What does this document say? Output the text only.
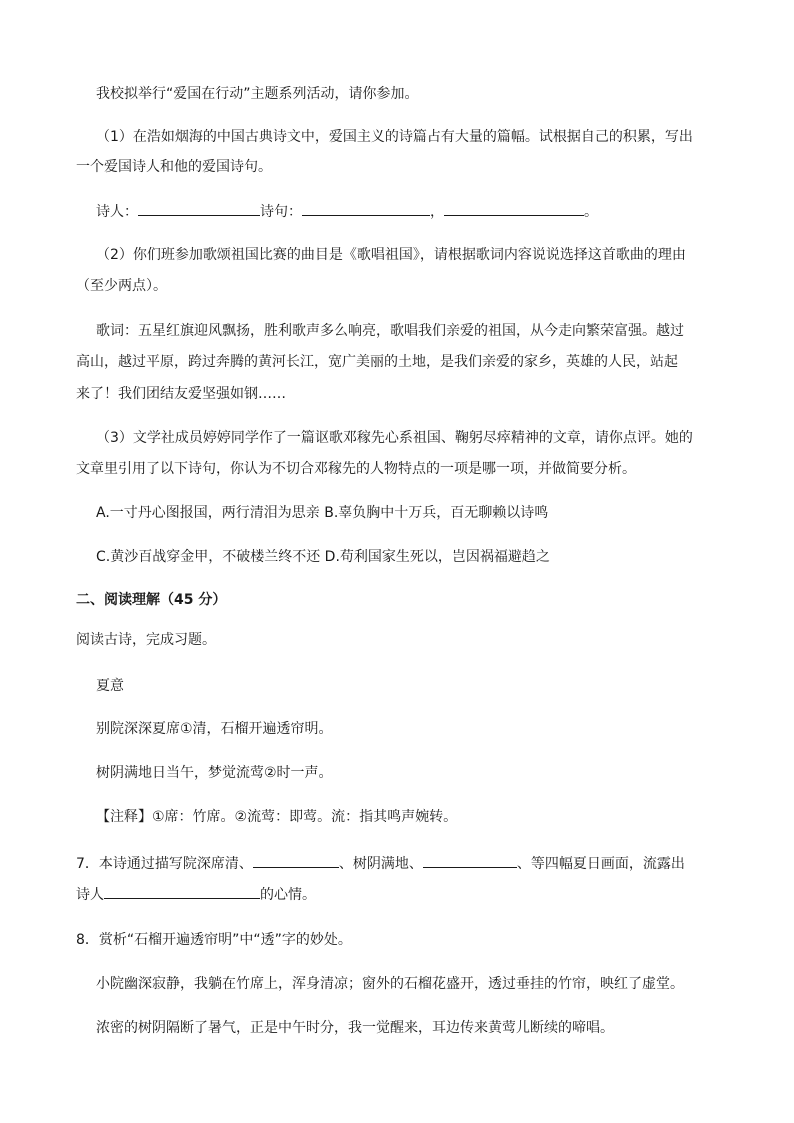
我校拟举行“爱国在行动”主题系列活动，请你参加。
（1）在浩如烟海的中国古典诗文中，爱国主义的诗篇占有大量的篇幅。试根据自己的积累，写出
一个爱国诗人和他的爱国诗句。
诗人：	诗句：	，	。
（2）你们班参加歌颂祖国比赛的曲目是《歌唱祖国》，请根据歌词内容说说选择这首歌曲的理由
（至少两点）。
歌词：五星红旗迎风飘扬，胜利歌声多么响亮，歌唱我们亲爱的祖国，从今走向繁荣富强。越过
高山，越过平原，跨过奔腾的黄河长江，宽广美丽的土地，是我们亲爱的家乡，英雄的人民，站起
来了！我们团结友爱坚强如钢……
（3）文学社成员婷婷同学作了一篇讴歌邓稼先心系祖国、鞠躬尽瘁精神的文章，请你点评。她的
文章里引用了以下诗句，你认为不切合邓稼先的人物特点的一项是哪一项，并做简要分析。
A.一寸丹心图报国，两行清泪为思亲 B.辜负胸中十万兵，百无聊赖以诗鸣
C.黄沙百战穿金甲，不破楼兰终不还 D.苟利国家生死以，岂因祸福避趋之
二、阅读理解（45 分）
阅读古诗，完成习题。
夏意
别院深深夏席①清，石榴开遍透帘明。
树阴满地日当午，梦觉流莺②时一声。
【注释】①席：竹席。②流莺：即莺。流：指其鸣声婉转。
7．本诗通过描写院深席清、	、树阴满地、	、等四幅夏日画面，流露出
诗人	的心情。
8．赏析“石榴开遍透帘明”中“透”字的妙处。
小院幽深寂静，我躺在竹席上，浑身清凉；窗外的石榴花盛开，透过垂挂的竹帘，映红了虚堂。
浓密的树阴隔断了暑气，正是中午时分，我一觉醒来，耳边传来黄莺儿断续的啼唱。
